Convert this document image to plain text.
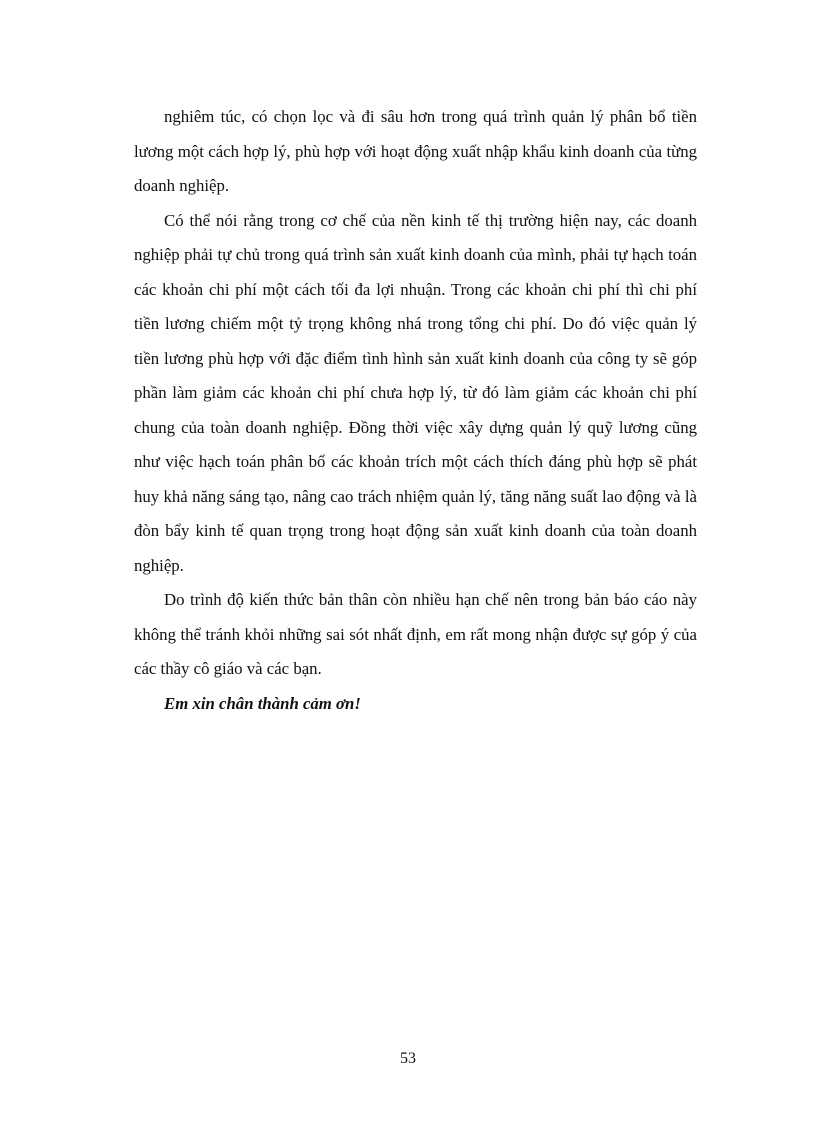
nghiêm túc, có chọn lọc và đi sâu hơn trong quá trình quản lý phân bổ tiền lương một cách hợp lý, phù hợp với hoạt động xuất nhập khẩu kinh doanh của từng doanh nghiệp.

Có thể nói rằng trong cơ chế của nền kinh tế thị trường hiện nay, các doanh nghiệp phải tự chủ trong quá trình sản xuất kinh doanh của mình, phải tự hạch toán các khoản chi phí một cách tối đa lợi nhuận. Trong các khoản chi phí thì chi phí tiền lương chiếm một tỷ trọng không nhá trong tổng chi phí. Do đó việc quản lý tiền lương phù hợp với đặc điểm tình hình sản xuất kinh doanh của công ty sẽ góp phần làm giảm các khoản chi phí chưa hợp lý, từ đó làm giảm các khoản chi phí chung của toàn doanh nghiệp. Đồng thời việc xây dựng quản lý quỹ lương cũng như việc hạch toán phân bổ các khoản trích một cách thích đáng phù hợp sẽ phát huy khả năng sáng tạo, nâng cao trách nhiệm quản lý, tăng năng suất lao động và là đòn bẩy kinh tế quan trọng trong hoạt động sản xuất kinh doanh của toàn doanh nghiệp.

Do trình độ kiến thức bản thân còn nhiều hạn chế nên trong bản báo cáo này không thể tránh khỏi những sai sót nhất định, em rất mong nhận được sự góp ý của các thầy cô giáo và các bạn.

Em xin chân thành cảm ơn!

53
